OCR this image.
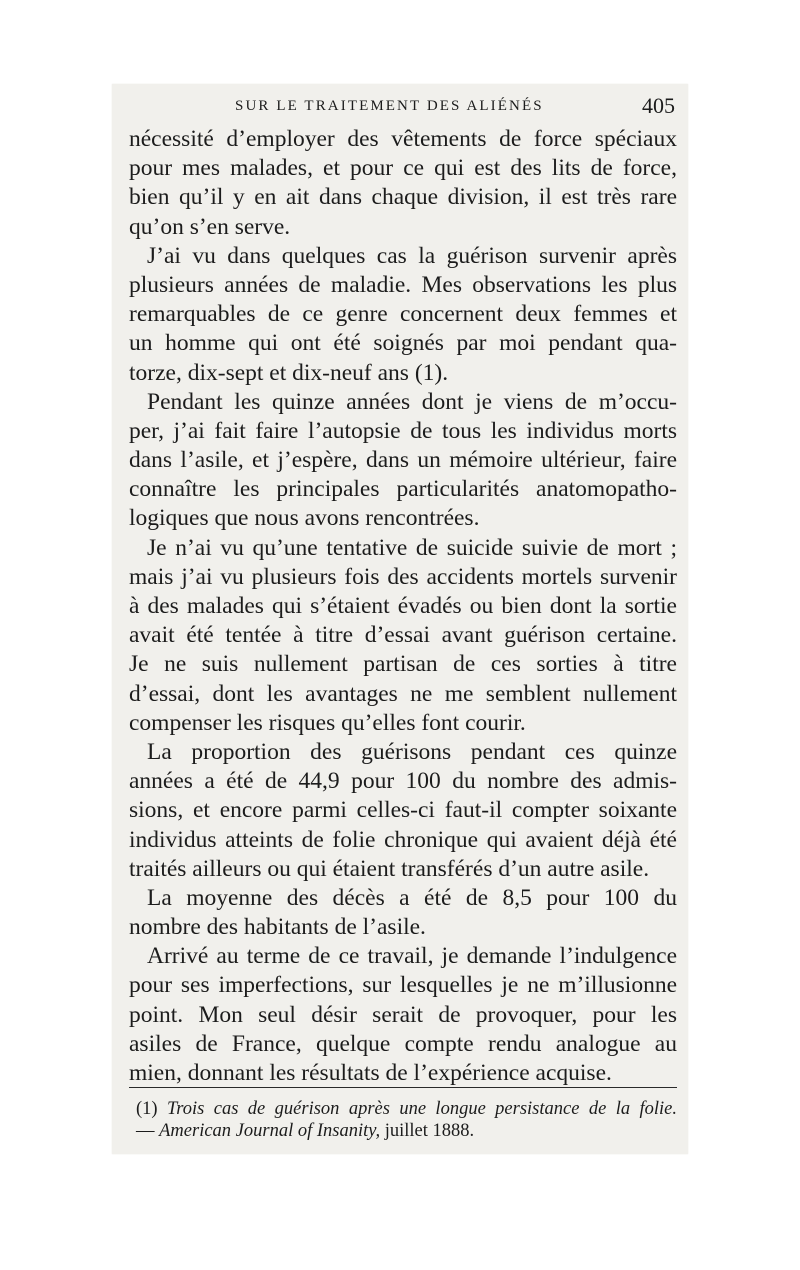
SUR LE TRAITEMENT DES ALIÉNÉS	405
nécessité d’employer des vêtements de force spéciaux
pour mes malades, et pour ce qui est des lits de force,
bien qu’il y en ait dans chaque division, il est très rare
qu’on s’en serve.
J’ai vu dans quelques cas la guérison survenir après
plusieurs années de maladie. Mes observations les plus
remarquables de ce genre concernent deux femmes et
un homme qui ont été soignés par moi pendant qua-
torze, dix-sept et dix-neuf ans (1).
Pendant les quinze années dont je viens de m’occu-
per, j’ai fait faire l’autopsie de tous les individus morts
dans l’asile, et j’espère, dans un mémoire ultérieur, faire
connaître les principales particularités anatomopatho-
logiques que nous avons rencontrées.
Je n’ai vu qu’une tentative de suicide suivie de mort ;
mais j’ai vu plusieurs fois des accidents mortels survenir
à des malades qui s’étaient évadés ou bien dont la sortie
avait été tentée à titre d’essai avant guérison certaine.
Je ne suis nullement partisan de ces sorties à titre
d’essai, dont les avantages ne me semblent nullement
compenser les risques qu’elles font courir.
La proportion des guérisons pendant ces quinze
années a été de 44,9 pour 100 du nombre des admis-
sions, et encore parmi celles-ci faut-il compter soixante
individus atteints de folie chronique qui avaient déjà été
traités ailleurs ou qui étaient transférés d’un autre asile.
La moyenne des décès a été de 8,5 pour 100 du
nombre des habitants de l’asile.
Arrivé au terme de ce travail, je demande l’indulgence
pour ses imperfections, sur lesquelles je ne m’illusionne
point. Mon seul désir serait de provoquer, pour les
asiles de France, quelque compte rendu analogue au
mien, donnant les résultats de l’expérience acquise.
(1) Trois cas de guérison après une longue persistance de la folie.
— American Journal of Insanity, juillet 1888.
